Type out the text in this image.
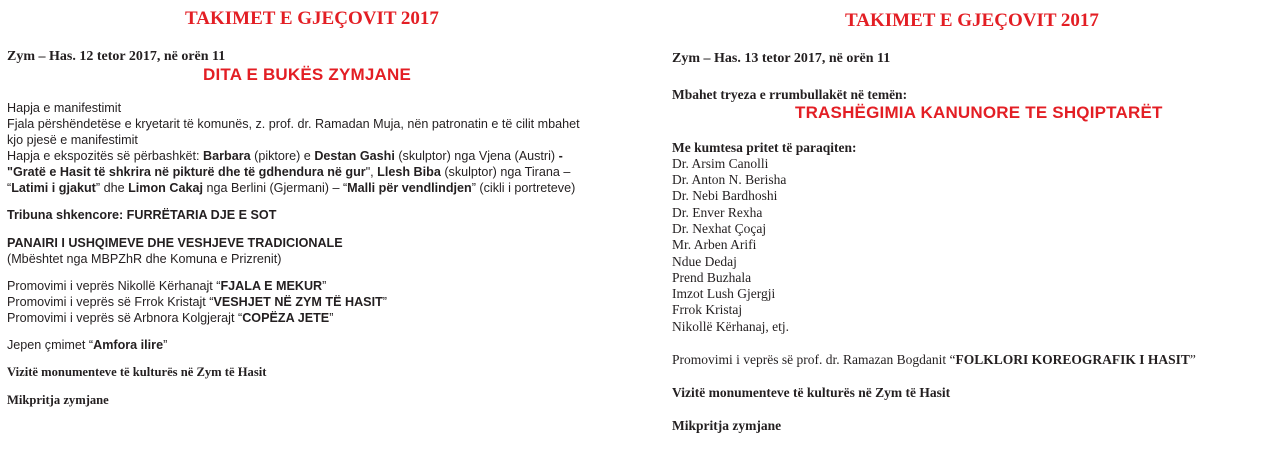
TAKIMET E GJEÇOVIT 2017
Zym – Has. 12 tetor 2017, në orën 11
DITA E BUKËS ZYMJANE
Hapja e manifestimit
Fjala përshëndetëse e kryetarit të komunës, z. prof. dr. Ramadan Muja, nën patronatin e të cilit mbahet
kjo pjesë e manifestimit
Hapja e ekspozitës së përbashkët: Barbara (piktore) e Destan Gashi (skulptor) nga Vjena (Austri) -
"Gratë e Hasit të shkrira në pikturë dhe të gdhendura në gur", Llesh Biba (skulptor) nga Tirana –
“Latimi i gjakut” dhe Limon Cakaj nga Berlini (Gjermani) – “Malli për vendlindjen” (cikli i portreteve)
Tribuna shkencore: FURRËTARIA DJE E SOT
PANAIRI I USHQIMEVE DHE VESHJEVE TRADICIONALE
(Mbështet nga MBPZhR dhe Komuna e Prizrenit)
Promovimi i veprës Nikollë Kërhanajt “FJALA E MEKUR”
Promovimi i veprës së Frrok Kristajt “VESHJET NË ZYM TË HASIT”
Promovimi i veprës së Arbnora Kolgjerajt “COPËZA JETE”
Jepen çmimet “Amfora ilire”
Vizitë monumenteve të kulturës në Zym të Hasit
Mikpritja zymjane
TAKIMET E GJEÇOVIT 2017
Zym – Has. 13 tetor 2017, në orën 11
Mbahet tryeza e rrumbullakët në temën:
TRASHËGIMIA KANUNORE TE SHQIPTARËT
Me kumtesa pritet të paraqiten:
Dr. Arsim Canolli
Dr. Anton N. Berisha
Dr. Nebi Bardhoshi
Dr. Enver Rexha
Dr. Nexhat Çoçaj
Mr. Arben Arifi
Ndue Dedaj
Prend Buzhala
Imzot Lush Gjergji
Frrok Kristaj
Nikollë Kërhanaj, etj.
Promovimi i veprës së prof. dr. Ramazan Bogdanit “FOLKLORI KOREOGRAFIK I HASIT”
Vizitë monumenteve të kulturës në Zym të Hasit
Mikpritja zymjane
